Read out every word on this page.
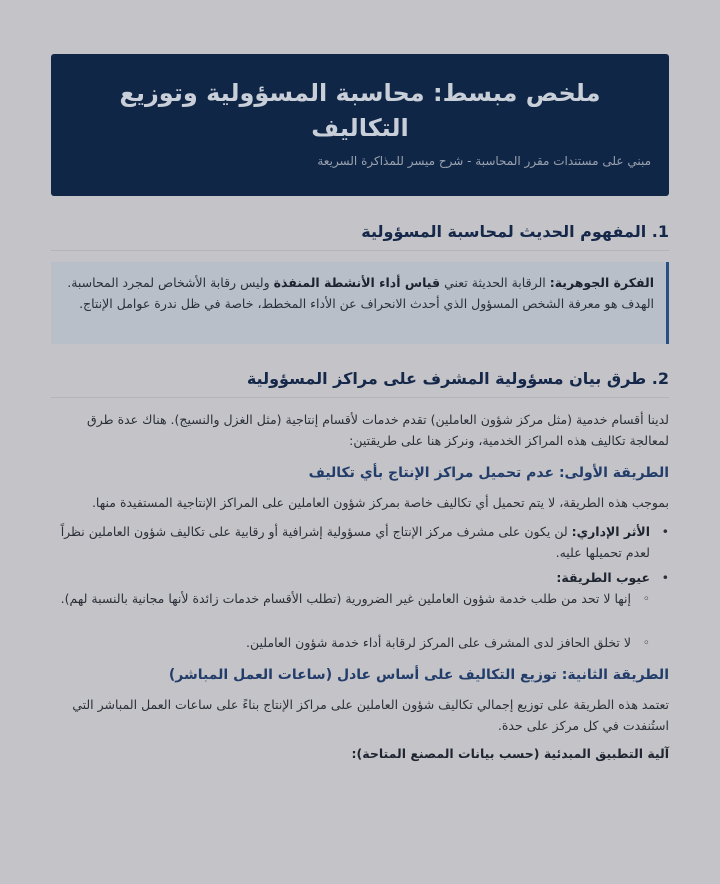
ملخص مبسط: محاسبة المسؤولية وتوزيع التكاليف
مبني على مستندات مقرر المحاسبة - شرح ميسر للمذاكرة السريعة
1. المفهوم الحديث لمحاسبة المسؤولية
الفكرة الجوهرية: الرقابة الحديثة تعني قياس أداء الأنشطة المنفذة وليس رقابة الأشخاص لمجرد المحاسبة. الهدف هو معرفة الشخص المسؤول الذي أحدث الانحراف عن الأداء المخطط، خاصة في ظل ندرة عوامل الإنتاج.
2. طرق بيان مسؤولية المشرف على مراكز المسؤولية

لدينا أقسام خدمية (مثل مركز شؤون العاملين) تقدم خدمات لأقسام إنتاجية (مثل الغزل والنسيج). هناك عدة طرق لمعالجة تكاليف هذه المراكز الخدمية، ونركز هنا على طريقتين:

الطريقة الأولى: عدم تحميل مراكز الإنتاج بأي تكاليف

بموجب هذه الطريقة، لا يتم تحميل أي تكاليف خاصة بمركز شؤون العاملين على المراكز الإنتاجية المستفيدة منها.

•
الأثر الإداري: لن يكون على مشرف مركز الإنتاج أي مسؤولية إشرافية أو رقابية على تكاليف شؤون العاملين نظراً لعدم تحميلها عليه.
•
عيوب الطريقة:
◦
إنها لا تحد من طلب خدمة شؤون العاملين غير الضرورية (تطلب الأقسام خدمات زائدة لأنها مجانية بالنسبة لهم).
◦
لا تخلق الحافز لدى المشرف على المركز لرقابة أداء خدمة شؤون العاملين.
الطريقة الثانية: توزيع التكاليف على أساس عادل (ساعات العمل المباشر)

تعتمد هذه الطريقة على توزيع إجمالي تكاليف شؤون العاملين على مراكز الإنتاج بناءً على ساعات العمل المباشر التي استُنفدت في كل مركز على حدة.

آلية التطبيق المبدئية (حسب بيانات المصنع المتاحة):
